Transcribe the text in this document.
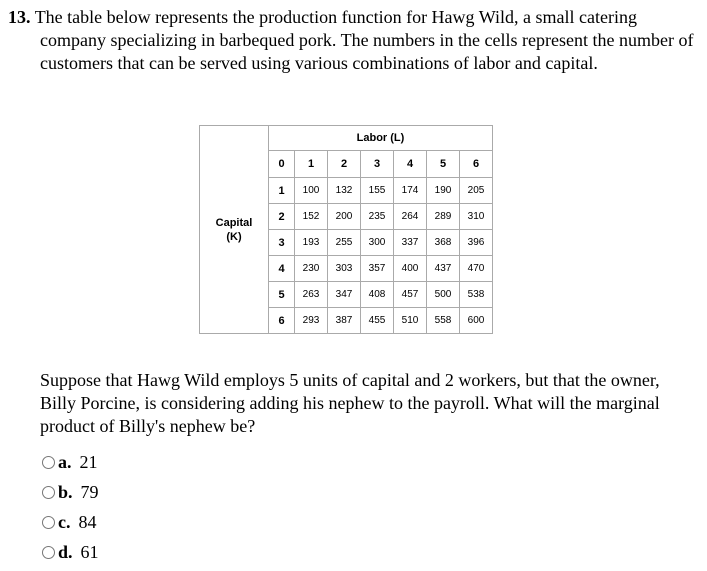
13. The table below represents the production function for Hawg Wild, a small catering company specializing in barbequed pork. The numbers in the cells represent the number of customers that can be served using various combinations of labor and capital.
Capital
(K)	Labor (L)						
	0	1	2	3	4	5	6
	1	100	132	155	174	190	205
	2	152	200	235	264	289	310
	3	193	255	300	337	368	396
	4	230	303	357	400	437	470
	5	263	347	408	457	500	538
	6	293	387	455	510	558	600
Suppose that Hawg Wild employs 5 units of capital and 2 workers, but that the owner, Billy Porcine, is considering adding his nephew to the payroll. What will the marginal product of Billy's nephew be?
a. 21
b. 79
c. 84
d. 61
